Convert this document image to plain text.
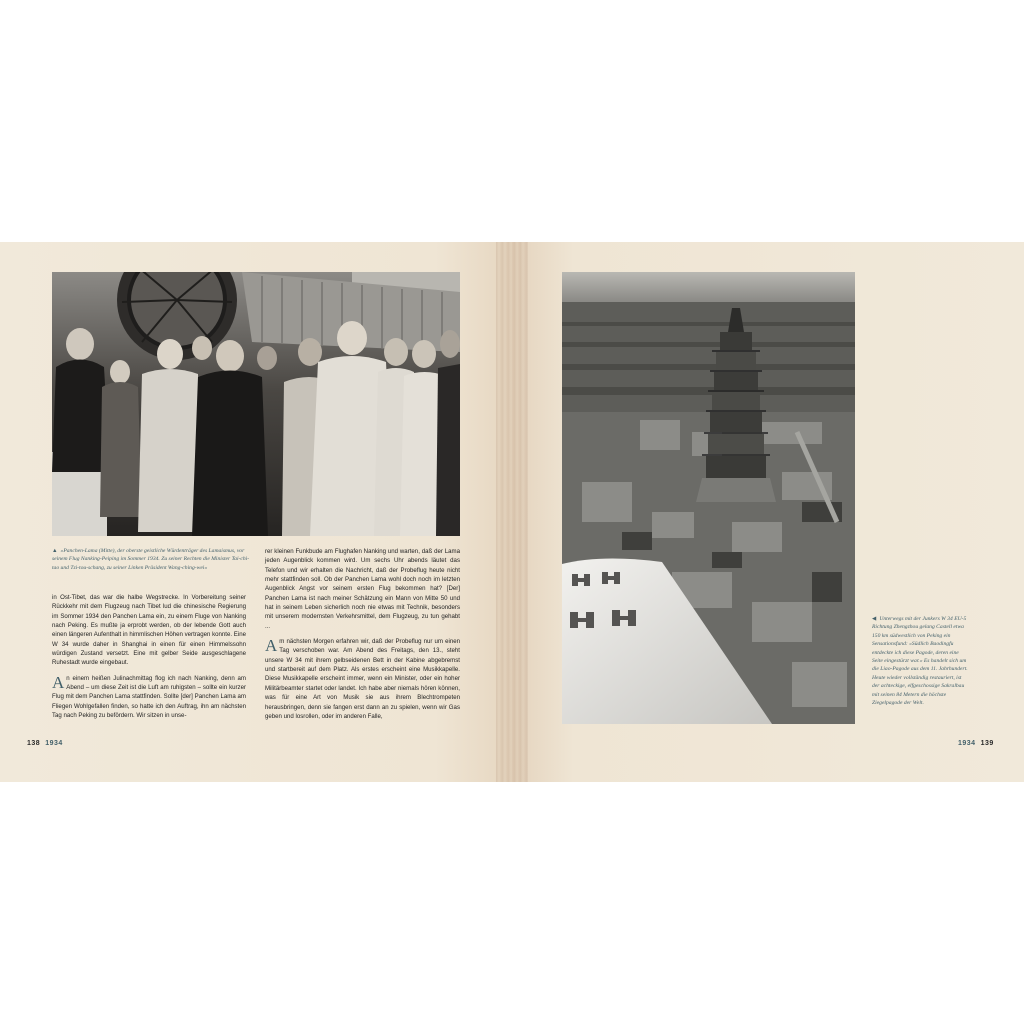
▲ »Panchen-Lama (Mitte), der oberste geistliche Würdenträger des Lamaismus, vor seinem Flug Nanking-Peiping im Sommer 1934. Zu seiner Rechten die Minister Tai-chi-tao und Tzi-tou-schang, zu seiner Linken Präsident Wang-ching-wei«

in Ost-Tibet, das war die halbe Wegstrecke. In Vorbereitung seiner Rückkehr mit dem Flugzeug nach Tibet lud die chinesische Regierung im Sommer 1934 den Panchen Lama ein, zu einem Fluge von Nanking nach Peking. Es mußte ja erprobt werden, ob der lebende Gott auch einen längeren Aufenthalt in himmlischen Höhen vertragen konnte. Eine W 34 wurde daher in Shanghai in einen für einen Himmelssohn würdigen Zustand versetzt. Eine mit gelber Seide ausgeschlagene Ruhestadt wurde eingebaut.

An einem heißen Julinachmittag flog ich nach Nanking, denn am Abend – um diese Zeit ist die Luft am ruhigsten – sollte ein kurzer Flug mit dem Panchen Lama stattfinden. Sollte [der] Panchen Lama am Fliegen Wohlgefallen finden, so hatte ich den Auftrag, ihn am nächsten Tag nach Peking zu befördern. Wir sitzen in unse-

rer kleinen Funkbude am Flughafen Nanking und warten, daß der Lama jeden Augenblick kommen wird. Um sechs Uhr abends läutet das Telefon und wir erhalten die Nachricht, daß der Probeflug heute nicht mehr stattfinden soll. Ob der Panchen Lama wohl doch noch im letzten Augenblick Angst vor seinem ersten Flug bekommen hat? [Der] Panchen Lama ist nach meiner Schätzung ein Mann von Mitte 50 und hat in seinem Leben sicherlich noch nie etwas mit Technik, besonders mit unserem modernsten Verkehrsmittel, dem Flugzeug, zu tun gehabt ...

Am nächsten Morgen erfahren wir, daß der Probeflug nur um einen Tag verschoben war. Am Abend des Freitags, den 13., steht unsere W 34 mit ihrem gelbseidenen Bett in der Kabine abgebremst und startbereit auf dem Platz. Als erstes erscheint eine Musikkapelle. Diese Musikkapelle erscheint immer, wenn ein Minister, oder ein hoher Militärbeamter startet oder landet. Ich habe aber niemals hören können, was für eine Art von Musik sie aus ihrem Blechtrompeten herausbringen, denn sie fangen erst dann an zu spielen, wenn wir Gas geben und losrollen, oder im anderen Falle,

138 1934
◀ Unterwegs mit der Junkers W 34 EU-5 Richtung Zhengzhou gelang Castell etwa 150 km südwestlich von Peking ein Sensationsfund: »Südlich Baodingfu entdeckte ich diese Pagode, deren eine Seite eingestürzt war.« Es handelt sich um die Liao-Pagode aus dem 11. Jahrhundert. Heute wieder vollständig restauriert, ist der achteckige, elfgeschossige Sakralbau mit seinen 84 Metern die höchste Ziegelpagode der Welt.
1934 139
